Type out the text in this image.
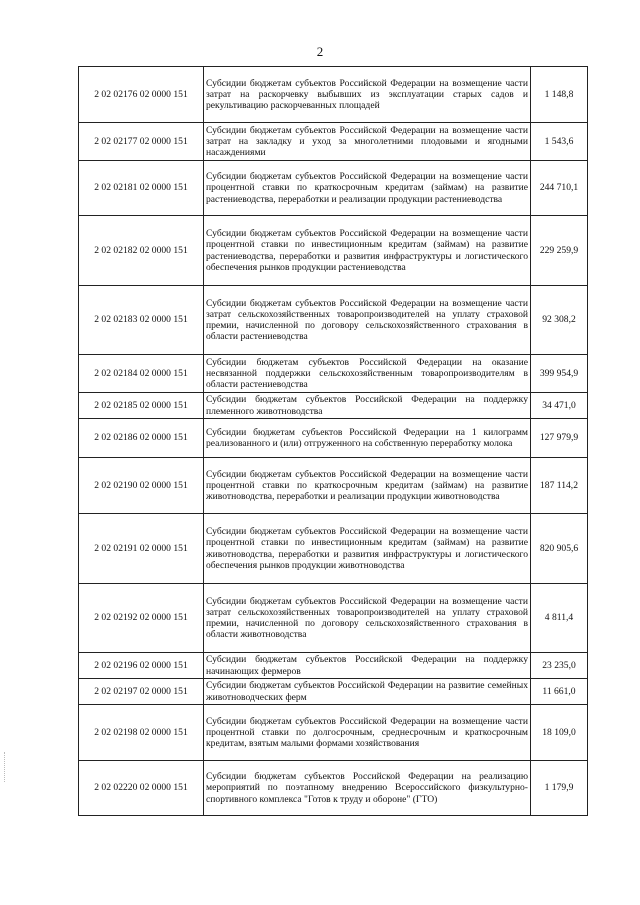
2
2 02 02176 02 0000 151	Субсидии бюджетам субъектов Российской Федерации на возмещение части затрат на раскорчевку выбывших из эксплуатации старых садов и рекультивацию раскорчеванных площадей	1 148,8
2 02 02177 02 0000 151	Субсидии бюджетам субъектов Российской Федерации на возмещение части затрат на закладку и уход за многолетними плодовыми и ягодными насаждениями	1 543,6
2 02 02181 02 0000 151	Субсидии бюджетам субъектов Российской Федерации на возмещение части процентной ставки по краткосрочным кредитам (займам) на развитие растениеводства, переработки и реализации продукции растениеводства	244 710,1
2 02 02182 02 0000 151	Субсидии бюджетам субъектов Российской Федерации на возмещение части процентной ставки по инвестиционным кредитам (займам) на развитие растениеводства, переработки и развития инфраструктуры и логистического обеспечения рынков продукции растениеводства	229 259,9
2 02 02183 02 0000 151	Субсидии бюджетам субъектов Российской Федерации на возмещение части затрат сельскохозяйственных товаропроизводителей на уплату страховой премии, начисленной по договору сельскохозяйственного страхования в области растениеводства	92 308,2
2 02 02184 02 0000 151	Субсидии бюджетам субъектов Российской Федерации на оказание несвязанной поддержки сельскохозяйственным товаропроизводителям в области растениеводства	399 954,9
2 02 02185 02 0000 151	Субсидии бюджетам субъектов Российской Федерации на поддержку племенного животноводства	34 471,0
2 02 02186 02 0000 151	Субсидии бюджетам субъектов Российской Федерации на 1 килограмм реализованного и (или) отгруженного на собственную переработку молока	127 979,9
2 02 02190 02 0000 151	Субсидии бюджетам субъектов Российской Федерации на возмещение части процентной ставки по краткосрочным кредитам (займам) на развитие животноводства, переработки и реализации продукции животноводства	187 114,2
2 02 02191 02 0000 151	Субсидии бюджетам субъектов Российской Федерации на возмещение части процентной ставки по инвестиционным кредитам (займам) на развитие животноводства, переработки и развития инфраструктуры и логистического обеспечения рынков продукции животноводства	820 905,6
2 02 02192 02 0000 151	Субсидии бюджетам субъектов Российской Федерации на возмещение части затрат сельскохозяйственных товаропроизводителей на уплату страховой премии, начисленной по договору сельскохозяйственного страхования в области животноводства	4 811,4
2 02 02196 02 0000 151	Субсидии бюджетам субъектов Российской Федерации на поддержку начинающих фермеров	23 235,0
2 02 02197 02 0000 151	Субсидии бюджетам субъектов Российской Федерации на развитие семейных животноводческих ферм	11 661,0
2 02 02198 02 0000 151	Субсидии бюджетам субъектов Российской Федерации на возмещение части процентной ставки по долгосрочным, среднесрочным и краткосрочным кредитам, взятым малыми формами хозяйствования	18 109,0
2 02 02220 02 0000 151	Субсидии бюджетам субъектов Российской Федерации на реализацию мероприятий по поэтапному внедрению Всероссийского физкультурно-спортивного комплекса "Готов к труду и обороне" (ГТО)	1 179,9
